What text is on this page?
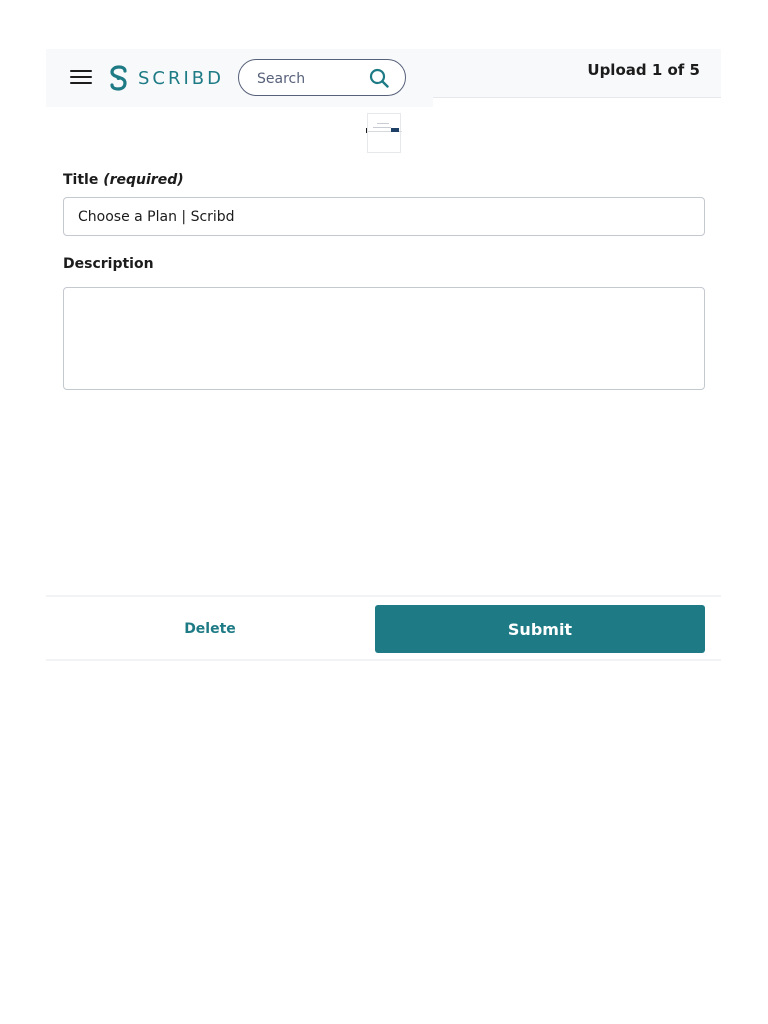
SCRIBD
Search	Upload 1 of 5
Title (required)
Choose a Plan | Scribd
Description
Delete	Submit
